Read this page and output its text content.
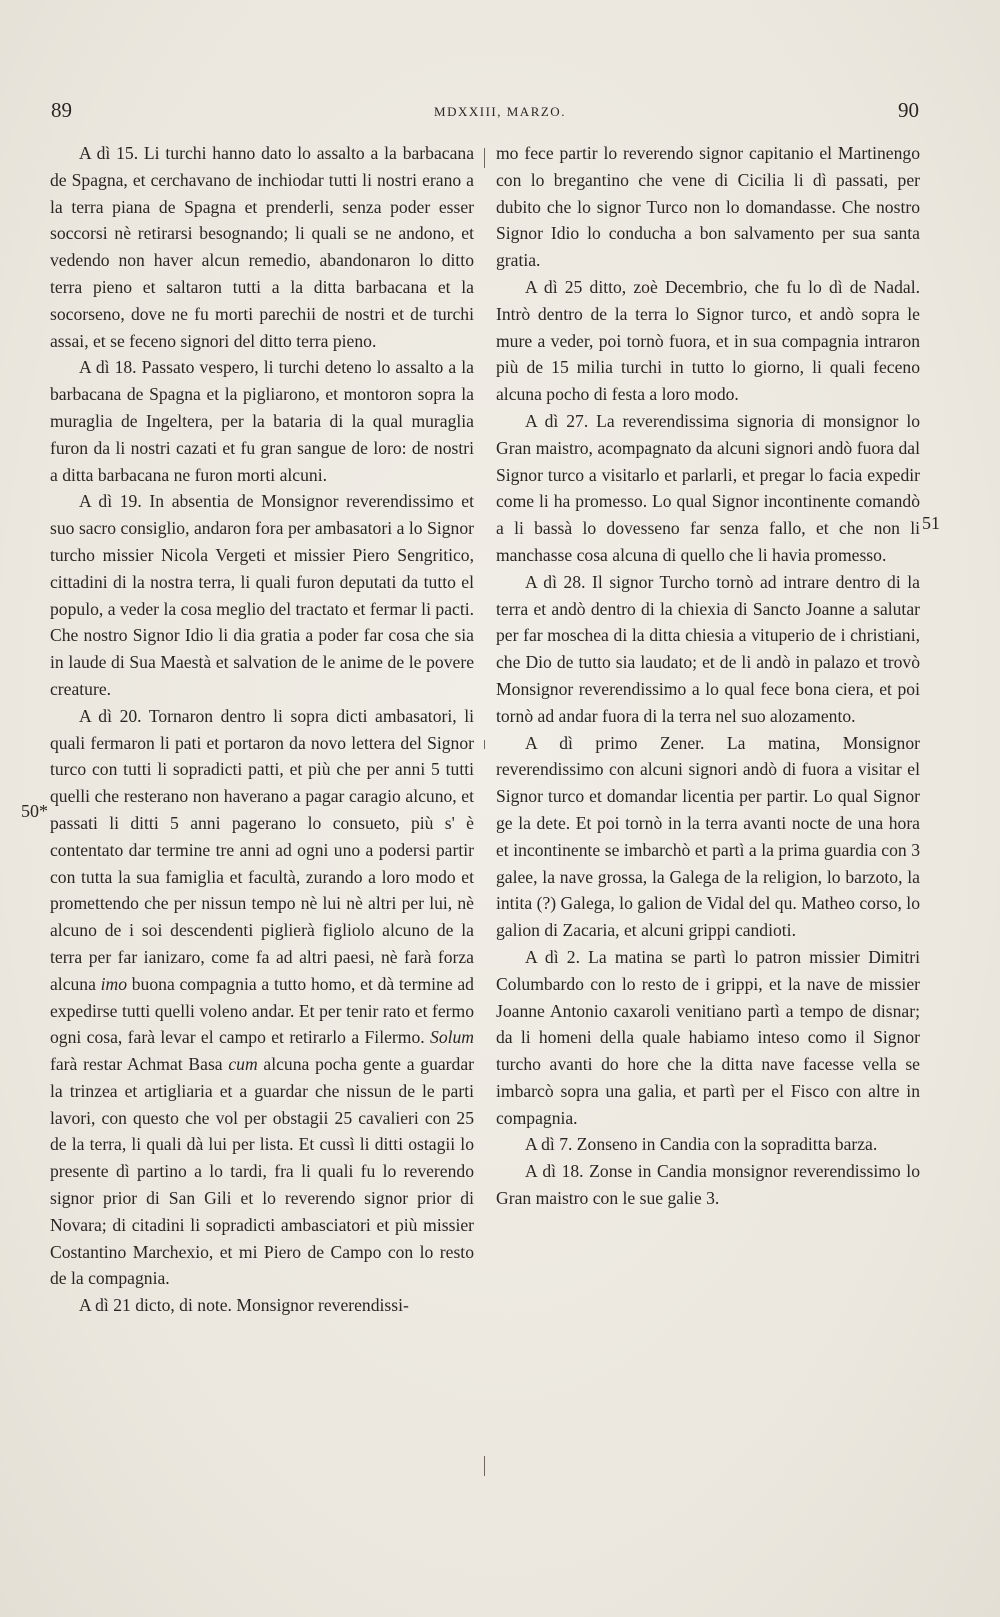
89	MDXXIII, MARZO.	90
50*
51

A dì 15. Li turchi hanno dato lo assalto a la barbacana de Spagna, et cerchavano de inchiodar tutti li nostri erano a la terra piana de Spagna et prenderli, senza poder esser soccorsi nè retirarsi besognando; li quali se ne andono, et vedendo non haver alcun remedio, abandonaron lo ditto terra pieno et saltaron tutti a la ditta barbacana et la socorseno, dove ne fu morti parechii de nostri et de turchi assai, et se feceno signori del ditto terra pieno.

A dì 18. Passato vespero, li turchi deteno lo assalto a la barbacana de Spagna et la pigliarono, et montoron sopra la muraglia de Ingeltera, per la bataria di la qual muraglia furon da li nostri cazati et fu gran sangue de loro: de nostri a ditta barbacana ne furon morti alcuni.

A dì 19. In absentia de Monsignor reverendissimo et suo sacro consiglio, andaron fora per ambasatori a lo Signor turcho missier Nicola Vergeti et missier Piero Sengritico, cittadini di la nostra terra, li quali furon deputati da tutto el populo, a veder la cosa meglio del tractato et fermar li pacti. Che nostro Signor Idio li dia gratia a poder far cosa che sia in laude di Sua Maestà et salvation de le anime de le povere creature.

A dì 20. Tornaron dentro li sopra dicti ambasatori, li quali fermaron li pati et portaron da novo lettera del Signor turco con tutti li sopradicti patti, et più che per anni 5 tutti quelli che resterano non haverano a pagar caragio alcuno, et passati li ditti 5 anni pagerano lo consueto, più s' è contentato dar termine tre anni ad ogni uno a podersi partir con tutta la sua famiglia et facultà, zurando a loro modo et promettendo che per nissun tempo nè lui nè altri per lui, nè alcuno de i soi descendenti piglierà figliolo alcuno de la terra per far ianizaro, come fa ad altri paesi, nè farà forza alcuna imo buona compagnia a tutto homo, et dà termine ad expedirse tutti quelli voleno andar. Et per tenir rato et fermo ogni cosa, farà levar el campo et retirarlo a Filermo. Solum farà restar Achmat Basa cum alcuna pocha gente a guardar la trinzea et artigliaria et a guardar che nissun de le parti lavori, con questo che vol per obstagii 25 cavalieri con 25 de la terra, li quali dà lui per lista. Et cussì li ditti ostagii lo presente dì partino a lo tardi, fra li quali fu lo reverendo signor prior di San Gili et lo reverendo signor prior di Novara; di citadini li sopradicti ambasciatori et più missier Costantino Marchexio, et mi Piero de Campo con lo resto de la compagnia.

A dì 21 dicto, di note. Monsignor reverendissi-

mo fece partir lo reverendo signor capitanio el Martinengo con lo bregantino che vene di Cicilia li dì passati, per dubito che lo signor Turco non lo domandasse. Che nostro Signor Idio lo conducha a bon salvamento per sua santa gratia.

A dì 25 ditto, zoè Decembrio, che fu lo dì de Nadal. Intrò dentro de la terra lo Signor turco, et andò sopra le mure a veder, poi tornò fuora, et in sua compagnia intraron più de 15 milia turchi in tutto lo giorno, li quali feceno alcuna pocho di festa a loro modo.

A dì 27. La reverendissima signoria di monsignor lo Gran maistro, acompagnato da alcuni signori andò fuora dal Signor turco a visitarlo et parlarli, et pregar lo facia expedir come li ha promesso. Lo qual Signor incontinente comandò a li bassà lo dovesseno far senza fallo, et che non li manchasse cosa alcuna di quello che li havia promesso.

A dì 28. Il signor Turcho tornò ad intrare dentro di la terra et andò dentro di la chiexia di Sancto Joanne a salutar per far moschea di la ditta chiesia a vituperio de i christiani, che Dio de tutto sia laudato; et de li andò in palazo et trovò Monsignor reverendissimo a lo qual fece bona ciera, et poi tornò ad andar fuora di la terra nel suo alozamento.

A dì primo Zener. La matina, Monsignor reverendissimo con alcuni signori andò di fuora a visitar el Signor turco et domandar licentia per partir. Lo qual Signor ge la dete. Et poi tornò in la terra avanti nocte de una hora et incontinente se imbarchò et partì a la prima guardia con 3 galee, la nave grossa, la Galega de la religion, lo barzoto, la intita (?) Galega, lo galion de Vidal del qu. Matheo corso, lo galion di Zacaria, et alcuni grippi candioti.

A dì 2. La matina se partì lo patron missier Dimitri Columbardo con lo resto de i grippi, et la nave de missier Joanne Antonio caxaroli venitiano partì a tempo de disnar; da li homeni della quale habiamo inteso como il Signor turcho avanti do hore che la ditta nave facesse vella se imbarcò sopra una galia, et partì per el Fisco con altre in compagnia.

A dì 7. Zonseno in Candia con la sopraditta barza.

A dì 18. Zonse in Candia monsignor reverendissimo lo Gran maistro con le sue galie 3.
